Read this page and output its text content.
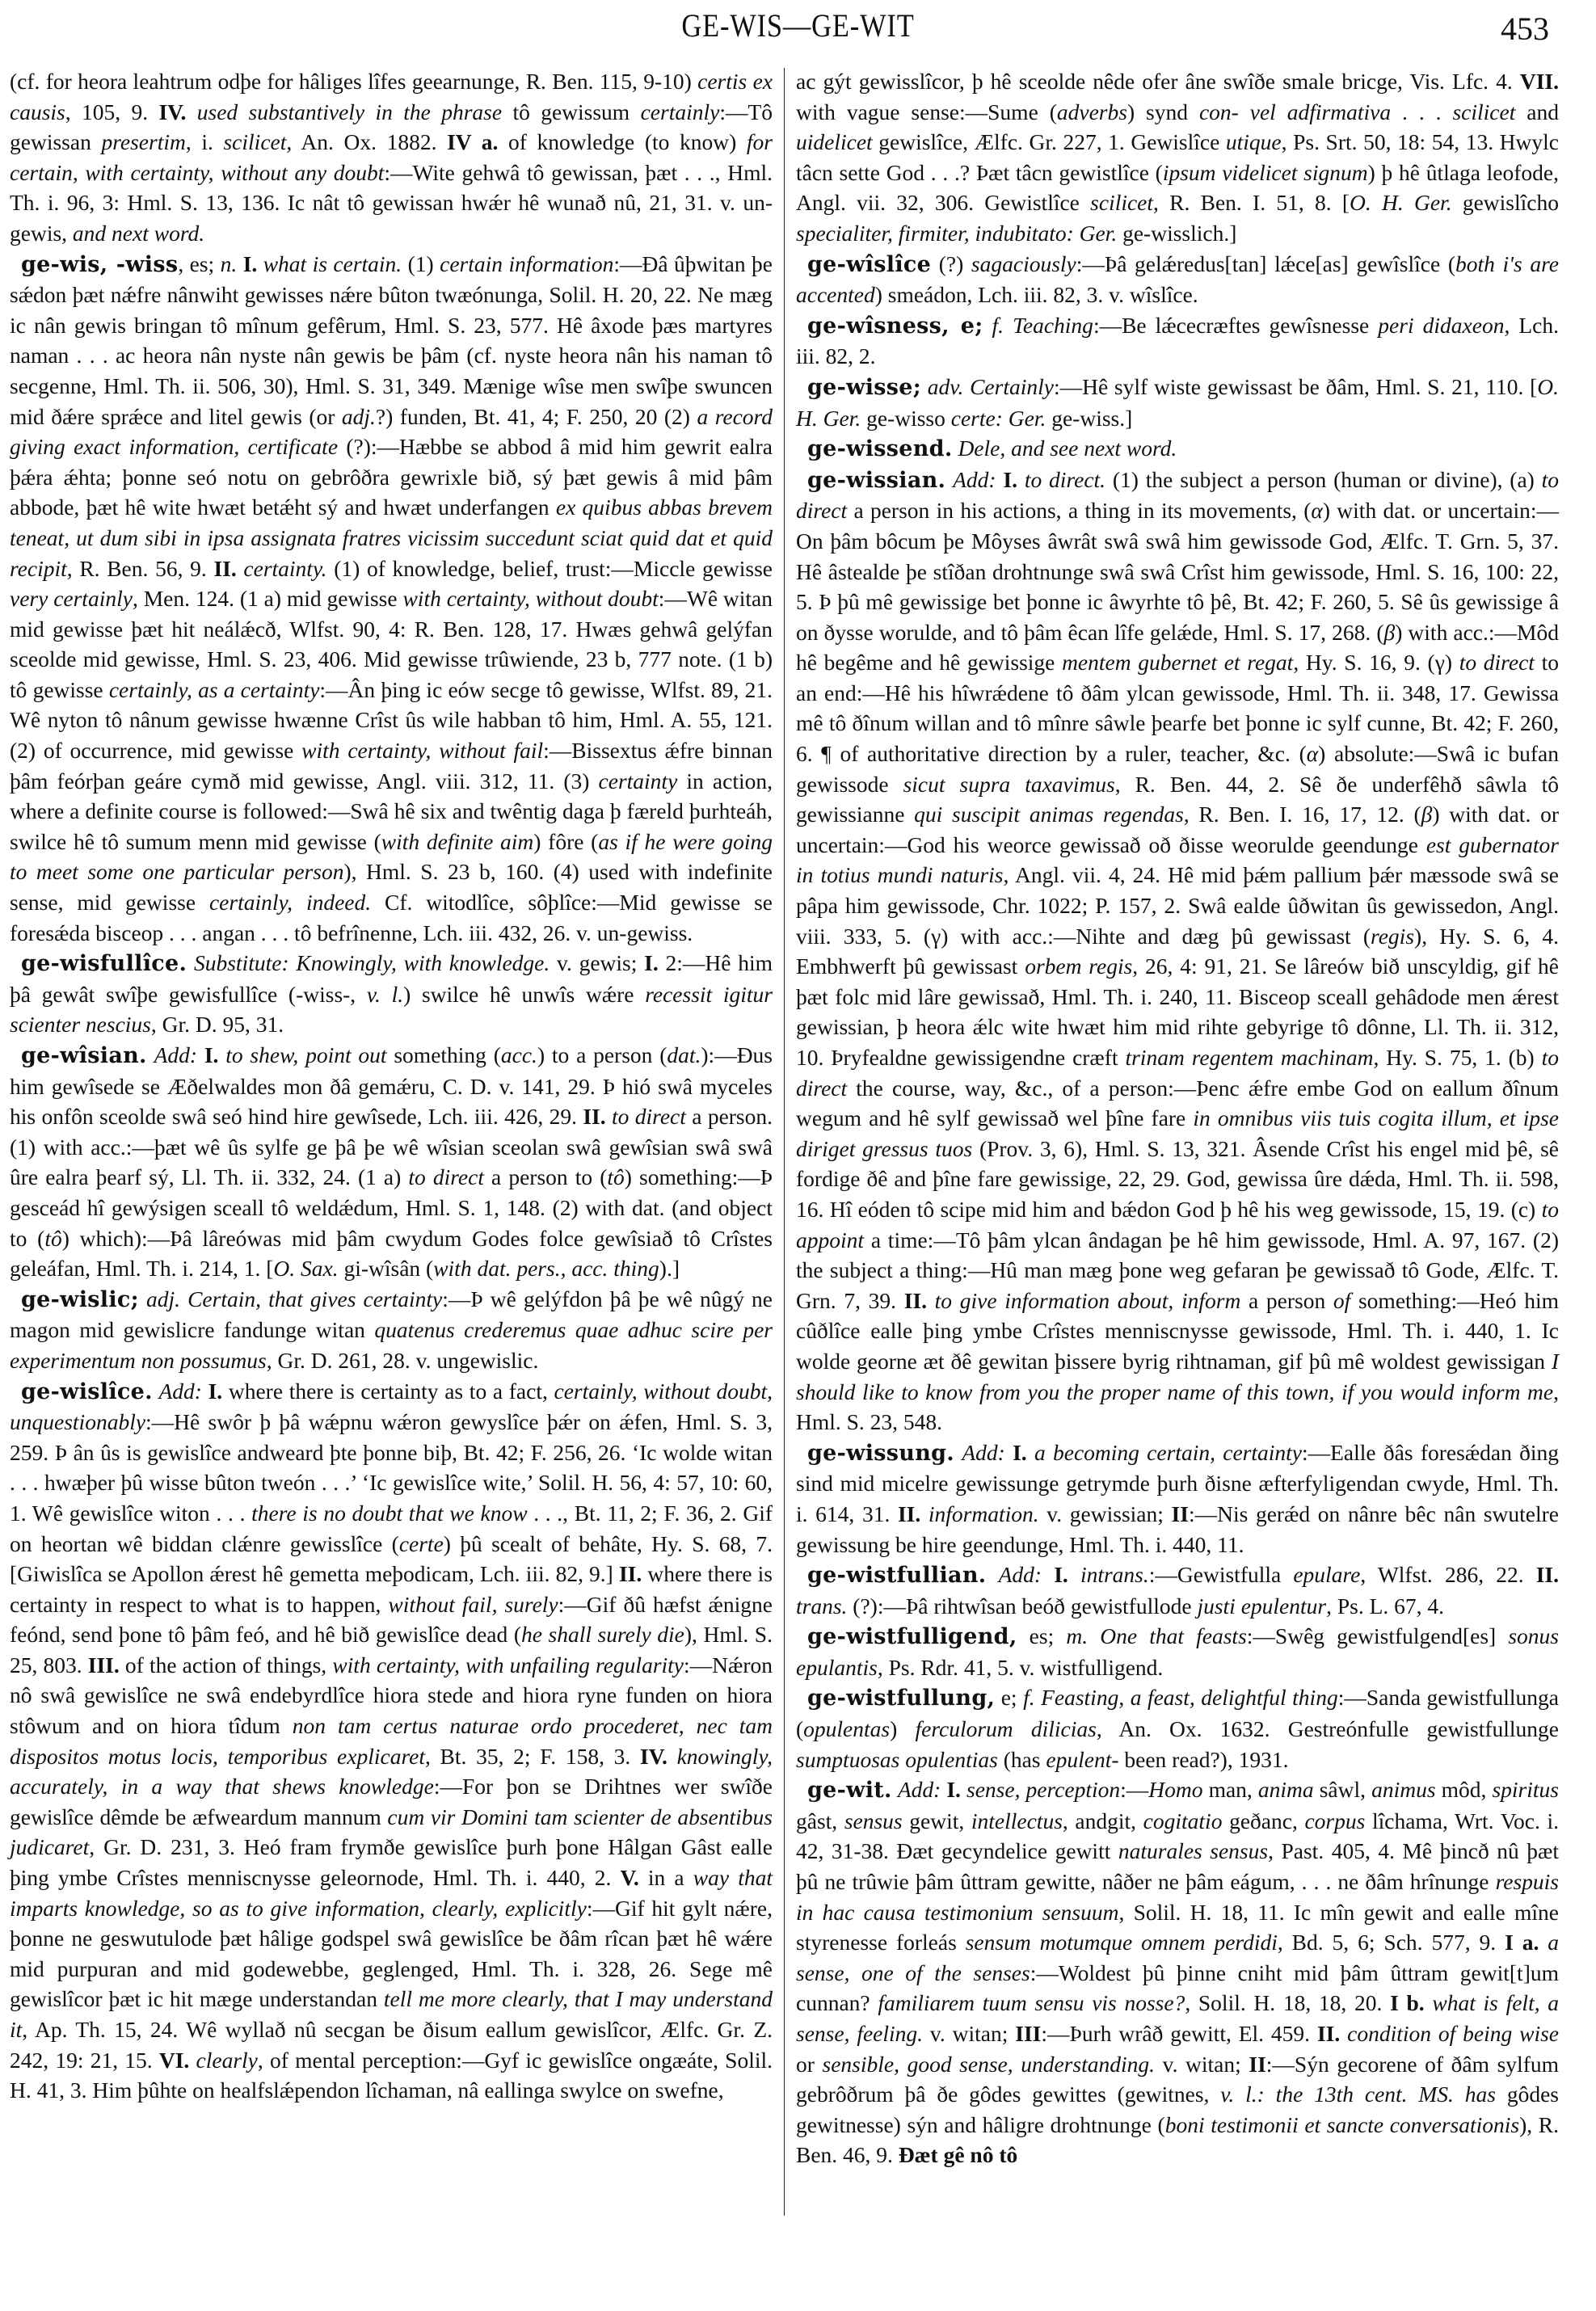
GE-WIS—GE-WIT	453

(cf. for heora leahtrum odþe for hâliges lîfes geearnunge, R. Ben. 115, 9-10) certis ex causis, 105, 9. IV. used substantively in the phrase tô gewissum certainly:—Tô gewissan presertim, i. scilicet, An. Ox. 1882. IV a. of knowledge (to know) for certain, with certainty, without any doubt:—Wite gehwâ tô gewissan, þæt . . ., Hml. Th. i. 96, 3: Hml. S. 13, 136. Ic nât tô gewissan hwǽr hê wunað nû, 21, 31. v. un-gewis, and next word.

ge-wis, -wiss, es; n. I. what is certain. (1) certain information:—Ðâ ûþwitan þe sǽdon þæt nǽfre nânwiht gewisses nǽre bûton twæónunga, Solil. H. 20, 22. Ne mæg ic nân gewis bringan tô mînum gefêrum, Hml. S. 23, 577. Hê âxode þæs martyres naman . . . ac heora nân nyste nân gewis be þâm (cf. nyste heora nân his naman tô secgenne, Hml. Th. ii. 506, 30), Hml. S. 31, 349. Mænige wîse men swîþe swuncen mid ðǽre sprǽce and litel gewis (or adj.?) funden, Bt. 41, 4; F. 250, 20 (2) a record giving exact information, certificate (?):—Hæbbe se abbod â mid him gewrit ealra þǽra ǽhta; þonne seó notu on gebrôðra gewrixle bið, sý þæt gewis â mid þâm abbode, þæt hê wite hwæt betǽht sý and hwæt underfangen ex quibus abbas brevem teneat, ut dum sibi in ipsa assignata fratres vicissim succedunt sciat quid dat et quid recipit, R. Ben. 56, 9. II. certainty. (1) of knowledge, belief, trust:—Miccle gewisse very certainly, Men. 124. (1 a) mid gewisse with certainty, without doubt:—Wê witan mid gewisse þæt hit neálǽcð, Wlfst. 90, 4: R. Ben. 128, 17. Hwæs gehwâ gelýfan sceolde mid gewisse, Hml. S. 23, 406. Mid gewisse trûwiende, 23 b, 777 note. (1 b) tô gewisse certainly, as a certainty:—Ân þing ic eów secge tô gewisse, Wlfst. 89, 21. Wê nyton tô nânum gewisse hwænne Crîst ûs wile habban tô him, Hml. A. 55, 121. (2) of occurrence, mid gewisse with certainty, without fail:—Bissextus ǽfre binnan þâm feórþan geáre cymð mid gewisse, Angl. viii. 312, 11. (3) certainty in action, where a definite course is followed:—Swâ hê six and twêntig daga þ færeld þurhteáh, swilce hê tô sumum menn mid gewisse (with definite aim) fôre (as if he were going to meet some one particular person), Hml. S. 23 b, 160. (4) used with indefinite sense, mid gewisse certainly, indeed. Cf. witodlîce, sôþlîce:—Mid gewisse se foresǽda bisceop . . . angan . . . tô befrînenne, Lch. iii. 432, 26. v. un-gewiss.

ge-wisfullîce. Substitute: Knowingly, with knowledge. v. gewis; I. 2:—Hê him þâ gewât swîþe gewisfullîce (-wiss-, v. l.) swilce hê unwîs wǽre recessit igitur scienter nescius, Gr. D. 95, 31.

ge-wîsian. Add: I. to shew, point out something (acc.) to a person (dat.):—Ðus him gewîsede se Æðelwaldes mon ðâ gemǽru, C. D. v. 141, 29. Þ hió swâ myceles his onfôn sceolde swâ seó hind hire gewîsede, Lch. iii. 426, 29. II. to direct a person. (1) with acc.:—þæt wê ûs sylfe ge þâ þe wê wîsian sceolan swâ gewîsian swâ swâ ûre ealra þearf sý, Ll. Th. ii. 332, 24. (1 a) to direct a person to (tô) something:—Þ gesceád hî gewýsigen sceall tô weldǽdum, Hml. S. 1, 148. (2) with dat. (and object to (tô) which):—Þâ lâreówas mid þâm cwydum Godes folce gewîsiað tô Crîstes geleáfan, Hml. Th. i. 214, 1. [O. Sax. gi-wîsân (with dat. pers., acc. thing).]

ge-wislic; adj. Certain, that gives certainty:—Þ wê gelýfdon þâ þe wê nûgý ne magon mid gewislicre fandunge witan quatenus crederemus quae adhuc scire per experimentum non possumus, Gr. D. 261, 28. v. ungewislic.

ge-wislîce. Add: I. where there is certainty as to a fact, certainly, without doubt, unquestionably:—Hê swôr þ þâ wǽpnu wǽron gewyslîce þǽr on ǽfen, Hml. S. 3, 259. Þ ân ûs is gewislîce andweard þte þonne biþ, Bt. 42; F. 256, 26. ‘Ic wolde witan . . . hwæþer þû wisse bûton tweón . . .’ ‘Ic gewislîce wite,’ Solil. H. 56, 4: 57, 10: 60, 1. Wê gewislîce witon . . . there is no doubt that we know . . ., Bt. 11, 2; F. 36, 2. Gif on heortan wê biddan clǽnre gewisslîce (certe) þû scealt of behâte, Hy. S. 68, 7. [Giwislîca se Apollon ǽrest hê gemetta meþodicam, Lch. iii. 82, 9.] II. where there is certainty in respect to what is to happen, without fail, surely:—Gif ðû hæfst ǽnigne feónd, send þone tô þâm feó, and hê bið gewislîce dead (he shall surely die), Hml. S. 25, 803. III. of the action of things, with certainty, with unfailing regularity:—Nǽron nô swâ gewislîce ne swâ endebyrdlîce hiora stede and hiora ryne funden on hiora stôwum and on hiora tîdum non tam certus naturae ordo procederet, nec tam dispositos motus locis, temporibus explicaret, Bt. 35, 2; F. 158, 3. IV. knowingly, accurately, in a way that shews knowledge:—For þon se Drihtnes wer swîðe gewislîce dêmde be æfweardum mannum cum vir Domini tam scienter de absentibus judicaret, Gr. D. 231, 3. Heó fram frymðe gewislîce þurh þone Hâlgan Gâst ealle þing ymbe Crîstes menniscnysse geleornode, Hml. Th. i. 440, 2. V. in a way that imparts knowledge, so as to give information, clearly, explicitly:—Gif hit gylt nǽre, þonne ne geswutulode þæt hâlige godspel swâ gewislîce be ðâm rîcan þæt hê wǽre mid purpuran and mid godewebbe, geglenged, Hml. Th. i. 328, 26. Sege mê gewislîcor þæt ic hit mæge understandan tell me more clearly, that I may understand it, Ap. Th. 15, 24. Wê wyllað nû secgan be ðisum eallum gewislîcor, Ælfc. Gr. Z. 242, 19: 21, 15. VI. clearly, of mental perception:—Gyf ic gewislîce ongæáte, Solil. H. 41, 3. Him þûhte on healfslǽpendon lîchaman, nâ eallinga swylce on swefne,

ac gýt gewisslîcor, þ hê sceolde nêde ofer âne swîðe smale bricge, Vis. Lfc. 4. VII. with vague sense:—Sume (adverbs) synd con- vel adfirmativa . . . scilicet and uidelicet gewislîce, Ælfc. Gr. 227, 1. Gewislîce utique, Ps. Srt. 50, 18: 54, 13. Hwylc tâcn sette God . . .? Þæt tâcn gewistlîce (ipsum videlicet signum) þ hê ûtlaga leofode, Angl. vii. 32, 306. Gewistlîce scilicet, R. Ben. I. 51, 8. [O. H. Ger. gewislîcho specialiter, firmiter, indubitato: Ger. ge-wisslich.]

ge-wîslîce (?) sagaciously:—Þâ gelǽredus[tan] lǽce[as] gewîslîce (both i's are accented) smeádon, Lch. iii. 82, 3. v. wîslîce.

ge-wîsness, e; f. Teaching:—Be lǽcecræftes gewîsnesse peri didaxeon, Lch. iii. 82, 2.

ge-wisse; adv. Certainly:—Hê sylf wiste gewissast be ðâm, Hml. S. 21, 110. [O. H. Ger. ge-wisso certe: Ger. ge-wiss.]

ge-wissend. Dele, and see next word.

ge-wissian. Add: I. to direct. (1) the subject a person (human or divine), (a) to direct a person in his actions, a thing in its movements, (α) with dat. or uncertain:—On þâm bôcum þe Môyses âwrât swâ swâ him gewissode God, Ælfc. T. Grn. 5, 37. Hê âstealde þe stîðan drohtnunge swâ swâ Crîst him gewissode, Hml. S. 16, 100: 22, 5. Þ þû mê gewissige bet þonne ic âwyrhte tô þê, Bt. 42; F. 260, 5. Sê ûs gewissige â on ðysse worulde, and tô þâm êcan lîfe gelǽde, Hml. S. 17, 268. (β) with acc.:—Môd hê begême and hê gewissige mentem gubernet et regat, Hy. S. 16, 9. (γ) to direct to an end:—Hê his hîwrǽdene tô ðâm ylcan gewissode, Hml. Th. ii. 348, 17. Gewissa mê tô ðînum willan and tô mînre sâwle þearfe bet þonne ic sylf cunne, Bt. 42; F. 260, 6. ¶ of authoritative direction by a ruler, teacher, &c. (α) absolute:—Swâ ic bufan gewissode sicut supra taxavimus, R. Ben. 44, 2. Sê ðe underfêhð sâwla tô gewissianne qui suscipit animas regendas, R. Ben. I. 16, 17, 12. (β) with dat. or uncertain:—God his weorce gewissað oð ðisse weorulde geendunge est gubernator in totius mundi naturis, Angl. vii. 4, 24. Hê mid þǽm pallium þǽr mæssode swâ se pâpa him gewissode, Chr. 1022; P. 157, 2. Swâ ealde ûðwitan ûs gewissedon, Angl. viii. 333, 5. (γ) with acc.:—Nihte and dæg þû gewissast (regis), Hy. S. 6, 4. Embhwerft þû gewissast orbem regis, 26, 4: 91, 21. Se lâreów bið unscyldig, gif hê þæt folc mid lâre gewissað, Hml. Th. i. 240, 11. Bisceop sceall gehâdode men ǽrest gewissian, þ heora ǽlc wite hwæt him mid rihte gebyrige tô dônne, Ll. Th. ii. 312, 10. Þryfealdne gewissigendne cræft trinam regentem machinam, Hy. S. 75, 1. (b) to direct the course, way, &c., of a person:—Þenc ǽfre embe God on eallum ðînum wegum and hê sylf gewissað wel þîne fare in omnibus viis tuis cogita illum, et ipse diriget gressus tuos (Prov. 3, 6), Hml. S. 13, 321. Âsende Crîst his engel mid þê, sê fordige ðê and þîne fare gewissige, 22, 29. God, gewissa ûre dǽda, Hml. Th. ii. 598, 16. Hî eóden tô scipe mid him and bǽdon God þ hê his weg gewissode, 15, 19. (c) to appoint a time:—Tô þâm ylcan ândagan þe hê him gewissode, Hml. A. 97, 167. (2) the subject a thing:—Hû man mæg þone weg gefaran þe gewissað tô Gode, Ælfc. T. Grn. 7, 39. II. to give information about, inform a person of something:—Heó him cûðlîce ealle þing ymbe Crîstes menniscnysse gewissode, Hml. Th. i. 440, 1. Ic wolde georne æt ðê gewitan þissere byrig rihtnaman, gif þû mê woldest gewissigan I should like to know from you the proper name of this town, if you would inform me, Hml. S. 23, 548.

ge-wissung. Add: I. a becoming certain, certainty:—Ealle ðâs foresǽdan ðing sind mid micelre gewissunge getrymde þurh ðisne æfterfyligendan cwyde, Hml. Th. i. 614, 31. II. information. v. gewissian; II:—Nis gerǽd on nânre bêc nân swutelre gewissung be hire geendunge, Hml. Th. i. 440, 11.

ge-wistfullian. Add: I. intrans.:—Gewistfulla epulare, Wlfst. 286, 22. II. trans. (?):—Þâ rihtwîsan beóð gewistfullode justi epulentur, Ps. L. 67, 4.

ge-wistfulligend, es; m. One that feasts:—Swêg gewistfulgend[es] sonus epulantis, Ps. Rdr. 41, 5. v. wistfulligend.

ge-wistfullung, e; f. Feasting, a feast, delightful thing:—Sanda gewistfullunga (opulentas) ferculorum dilicias, An. Ox. 1632. Gestreónfulle gewistfullunge sumptuosas opulentias (has epulent- been read?), 1931.

ge-wit. Add: I. sense, perception:—Homo man, anima sâwl, animus môd, spiritus gâst, sensus gewit, intellectus, andgit, cogitatio geðanc, corpus lîchama, Wrt. Voc. i. 42, 31-38. Ðæt gecyndelice gewitt naturales sensus, Past. 405, 4. Mê þincð nû þæt þû ne trûwie þâm ûttram gewitte, nâðer ne þâm eágum, . . . ne ðâm hrînunge respuis in hac causa testimonium sensuum, Solil. H. 18, 11. Ic mîn gewit and ealle mîne styrenesse forleás sensum motumque omnem perdidi, Bd. 5, 6; Sch. 577, 9. I a. a sense, one of the senses:—Woldest þû þinne cniht mid þâm ûttram gewit[t]um cunnan? familiarem tuum sensu vis nosse?, Solil. H. 18, 18, 20. I b. what is felt, a sense, feeling. v. witan; III:—Þurh wrâð gewitt, El. 459. II. condition of being wise or sensible, good sense, understanding. v. witan; II:—Sýn gecorene of ðâm sylfum gebrôðrum þâ ðe gôdes gewittes (gewitnes, v. l.: the 13th cent. MS. has gôdes gewitnesse) sýn and hâligre drohtnunge (boni testimonii et sancte conversationis), R. Ben. 46, 9. Ðæt gê nô tô
